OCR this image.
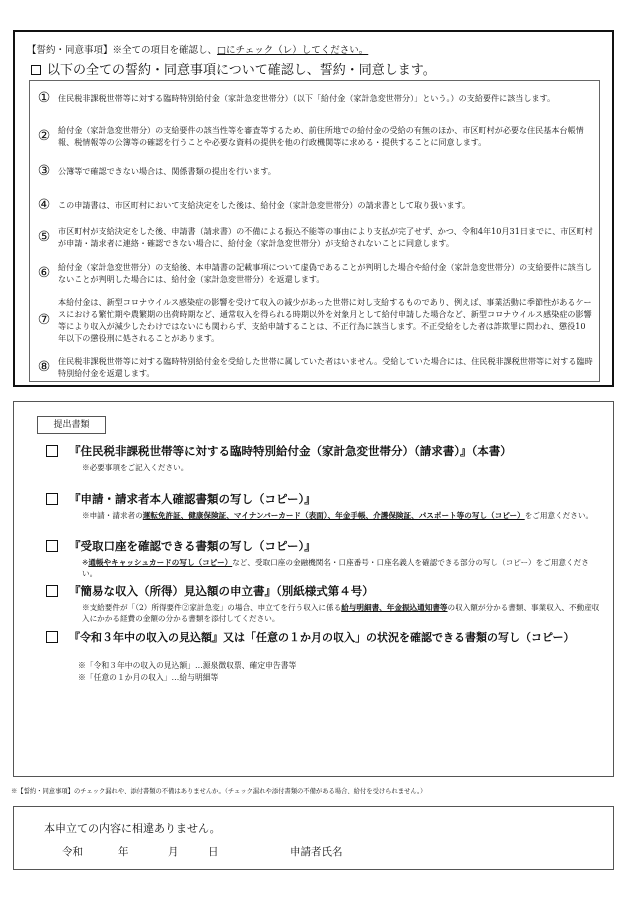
【誓約・同意事項】※全ての項目を確認し、□にチェック（レ）してください。
以下の全ての誓約・同意事項について確認し、誓約・同意します。
① 住民税非課税世帯等に対する臨時特別給付金（家計急変世帯分）（以下「給付金（家計急変世帯分）」という。）の支給要件に該当します。
② 給付金（家計急変世帯分）の支給要件の該当性等を審査等するため、前住所地での給付金の受給の有無のほか、市区町村が必要な住民基本台帳情報、税情報等の公簿等の確認を行うことや必要な資料の提供を他の行政機関等に求める・提供することに同意します。
③ 公簿等で確認できない場合は、関係書類の提出を行います。
④ この申請書は、市区町村において支給決定をした後は、給付金（家計急変世帯分）の請求書として取り扱います。
⑤ 市区町村が支給決定をした後、申請書（請求書）の不備による振込不能等の事由により支払が完了せず、かつ、令和4年10月31日までに、市区町村が申請・請求者に連絡・確認できない場合に、給付金（家計急変世帯分）が支給されないことに同意します。
⑥ 給付金（家計急変世帯分）の支給後、本申請書の記載事項について虚偽であることが判明した場合や給付金（家計急変世帯分）の支給要件に該当しないことが判明した場合には、給付金（家計急変世帯分）を返還します。
⑦
本給付金は、新型コロナウイルス感染症の影響を受けて収入の減少があった世帯に対し支給するものであり、例えば、事業活動に季節性があるケースにおける繁忙期や農繁期の出荷時期など、通常収入を得られる時期以外を対象月として給付申請した場合など、新型コロナウイルス感染症の影響等により収入が減少したわけではないにも関わらず、支給申請することは、不正行為に該当します。不正受給をした者は詐欺罪に問われ、懲役10年以下の懲役刑に処されることがあります。
⑧ 住民税非課税世帯等に対する臨時特別給付金を受給した世帯に属していた者はいません。受給していた場合には、住民税非課税世帯等に対する臨時特別給付金を返還します。
提出書類
『住民税非課税世帯等に対する臨時特別給付金（家計急変世帯分）（請求書）』（本書）
※必要事項をご記入ください。
『申請・請求者本人確認書類の写し（コピー）』
※申請・請求者の運転免許証、健康保険証、マイナンバーカード（表面）、年金手帳、介護保険証、パスポート等の写し（コピー）をご用意ください。
『受取口座を確認できる書類の写し（コピー）』
※通帳やキャッシュカードの写し（コピー）など、受取口座の金融機関名・口座番号・口座名義人を確認できる部分の写し（コピー）をご用意ください。
『簡易な収入（所得）見込額の申立書』（別紙様式第４号）
※支給要件が「（2）所得要件②家計急変」の場合、申立てを行う収入に係る給与明細書、年金振込通知書等の収入額が分かる書類、事業収入、不動産収入にかかる経費の金額の分かる書類を添付してください。
『令和３年中の収入の見込額』又は「任意の１か月の収入」の状況を確認できる書類の写し（コピー）
※「令和３年中の収入の見込額」…源泉徴収票、確定申告書等
※「任意の１か月の収入」…給与明細等
※【誓約・同意事項】のチェック漏れや、添付書類の不備はありませんか。（チェック漏れや添付書類の不備がある場合、給付を受けられません。）
本申立ての内容に相違ありません。
令和	年	月	日	申請者氏名
